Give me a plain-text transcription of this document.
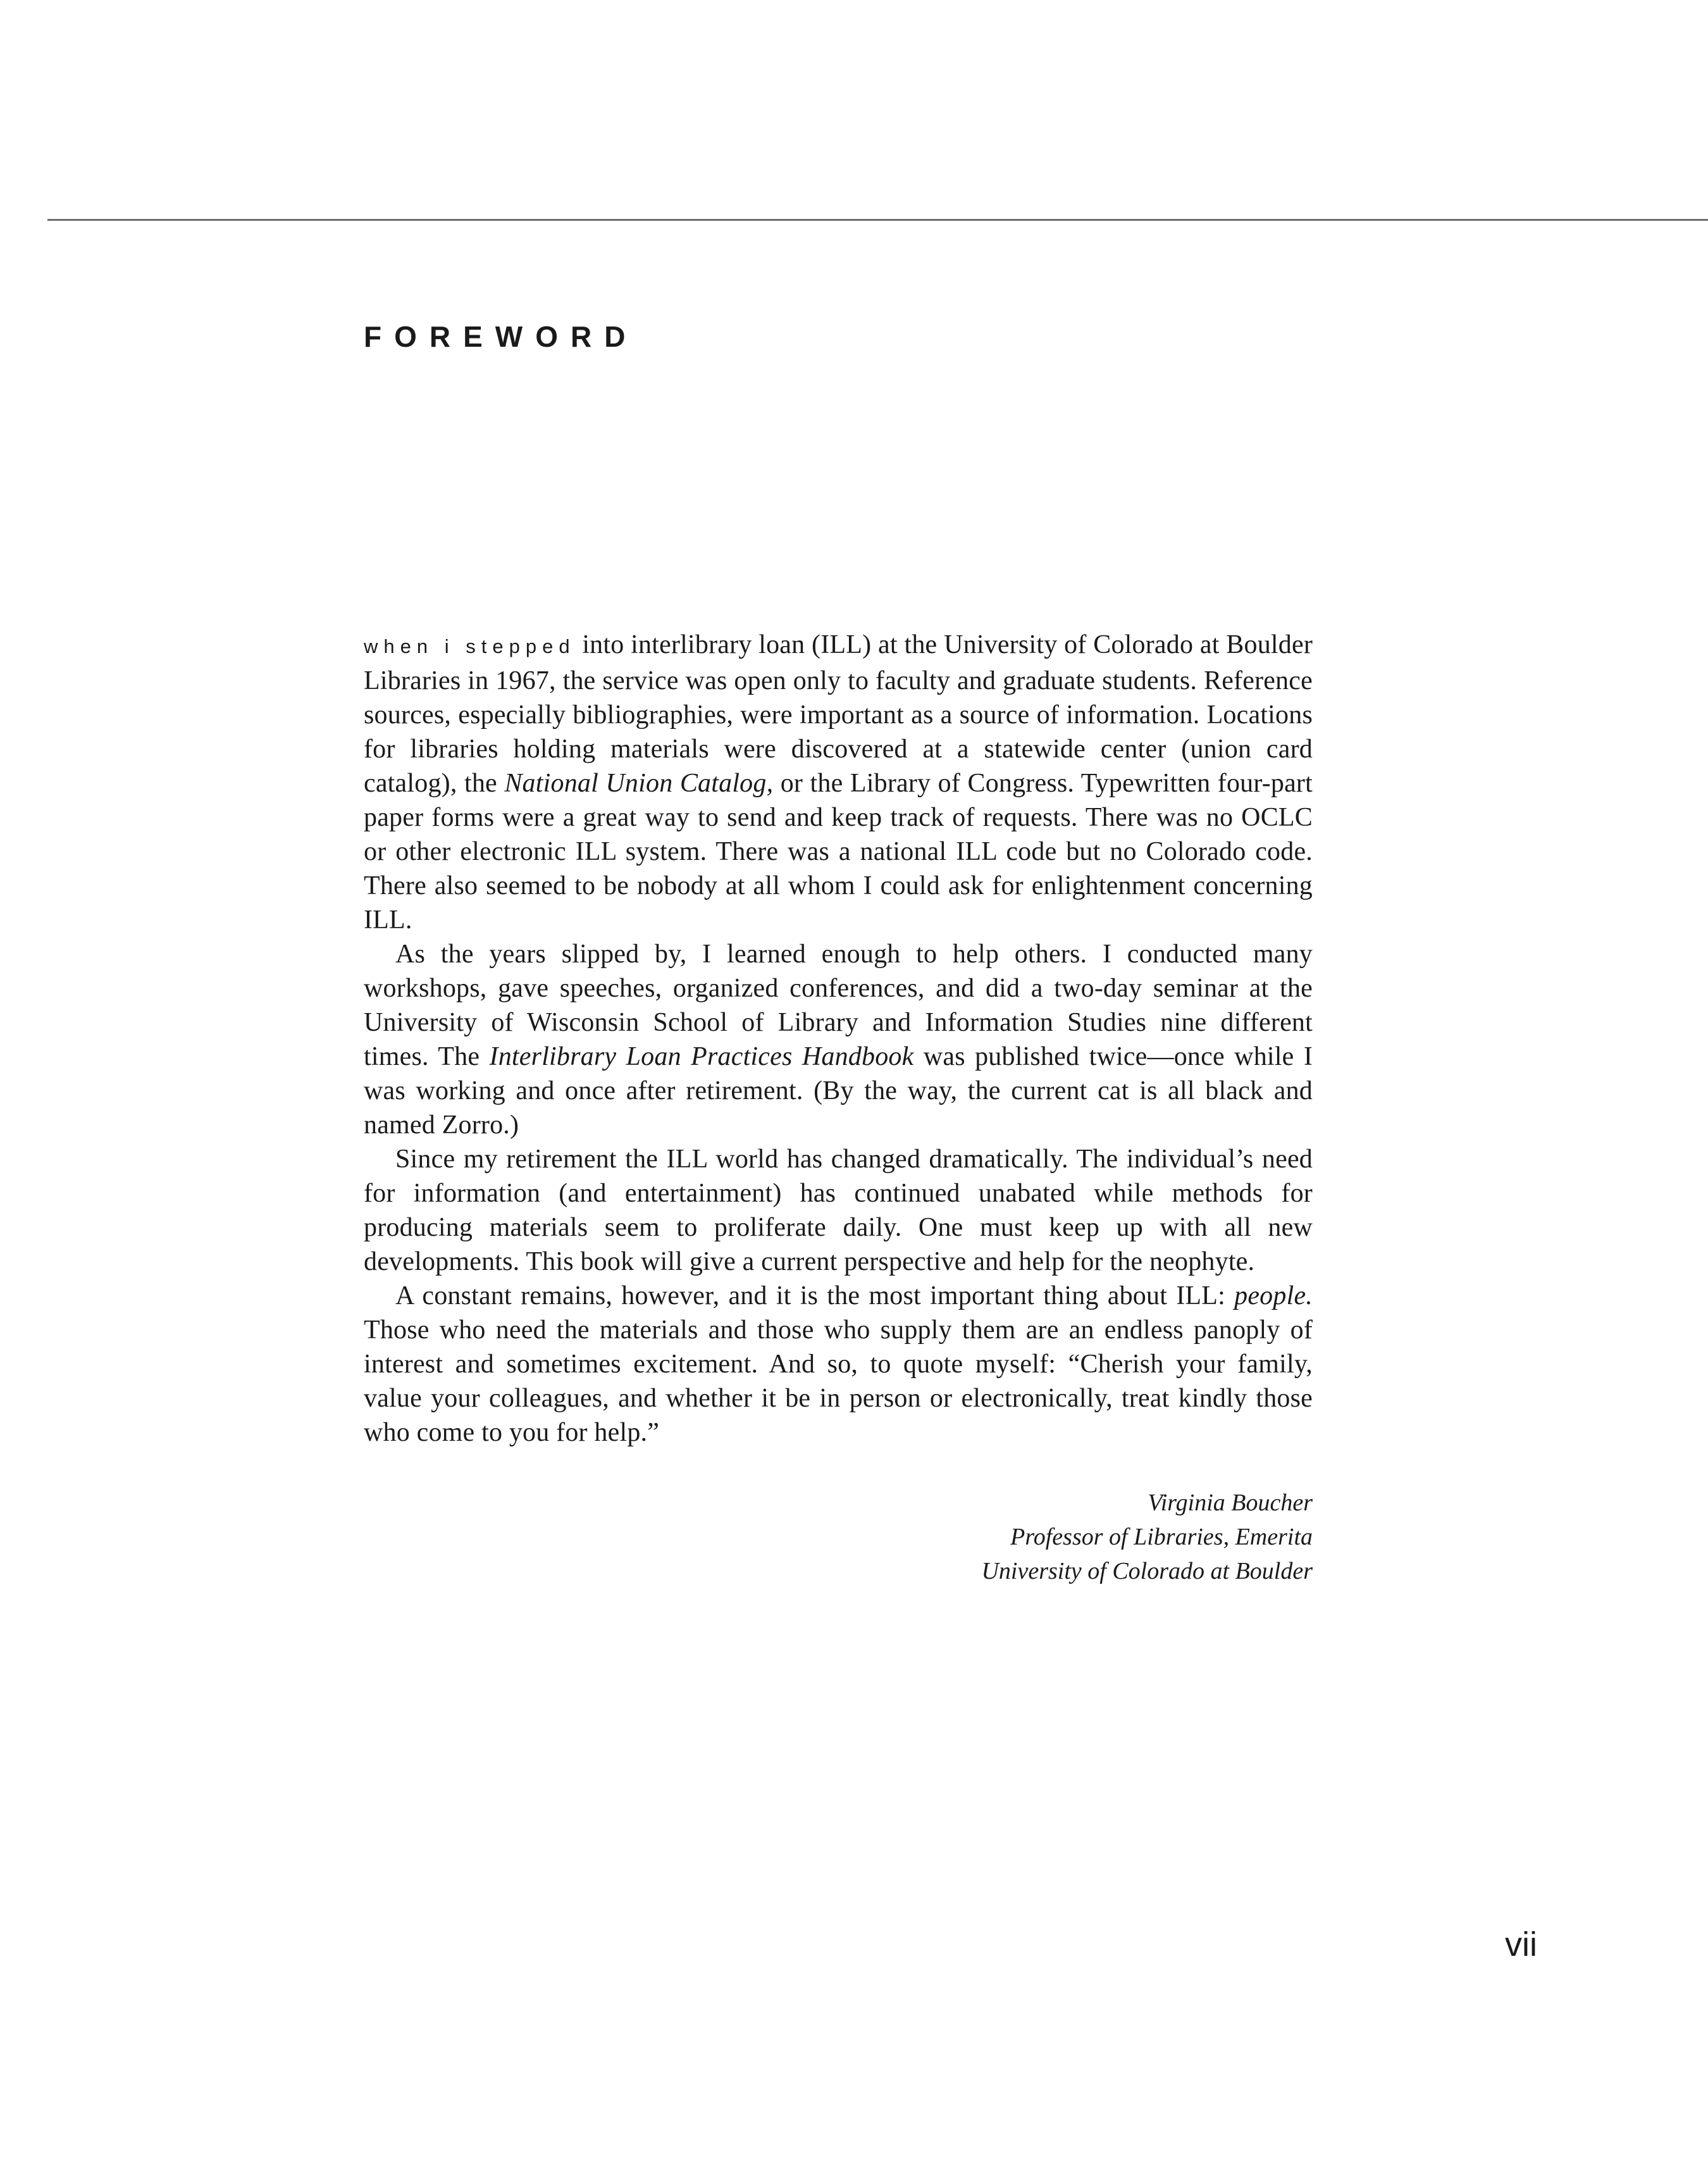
FOREWORD

when i stepped into interlibrary loan (ILL) at the University of Colorado at Boulder Libraries in 1967, the service was open only to faculty and graduate students. Reference sources, especially bibliographies, were important as a source of information. Locations for libraries holding materials were discovered at a statewide center (union card catalog), the National Union Catalog, or the Library of Congress. Typewritten four-part paper forms were a great way to send and keep track of requests. There was no OCLC or other electronic ILL system. There was a national ILL code but no Colorado code. There also seemed to be nobody at all whom I could ask for enlightenment concerning ILL.

As the years slipped by, I learned enough to help others. I conducted many workshops, gave speeches, organized conferences, and did a two-day seminar at the University of Wisconsin School of Library and Information Studies nine different times. The Interlibrary Loan Practices Handbook was published twice—once while I was working and once after retirement. (By the way, the current cat is all black and named Zorro.)

Since my retirement the ILL world has changed dramatically. The individual’s need for information (and entertainment) has continued unabated while methods for producing materials seem to proliferate daily. One must keep up with all new developments. This book will give a current perspective and help for the neophyte.

A constant remains, however, and it is the most important thing about ILL: people. Those who need the materials and those who supply them are an endless panoply of interest and sometimes excitement. And so, to quote myself: “Cherish your family, value your colleagues, and whether it be in person or electronically, treat kindly those who come to you for help.”

Virginia Boucher
Professor of Libraries, Emerita
University of Colorado at Boulder
vii
